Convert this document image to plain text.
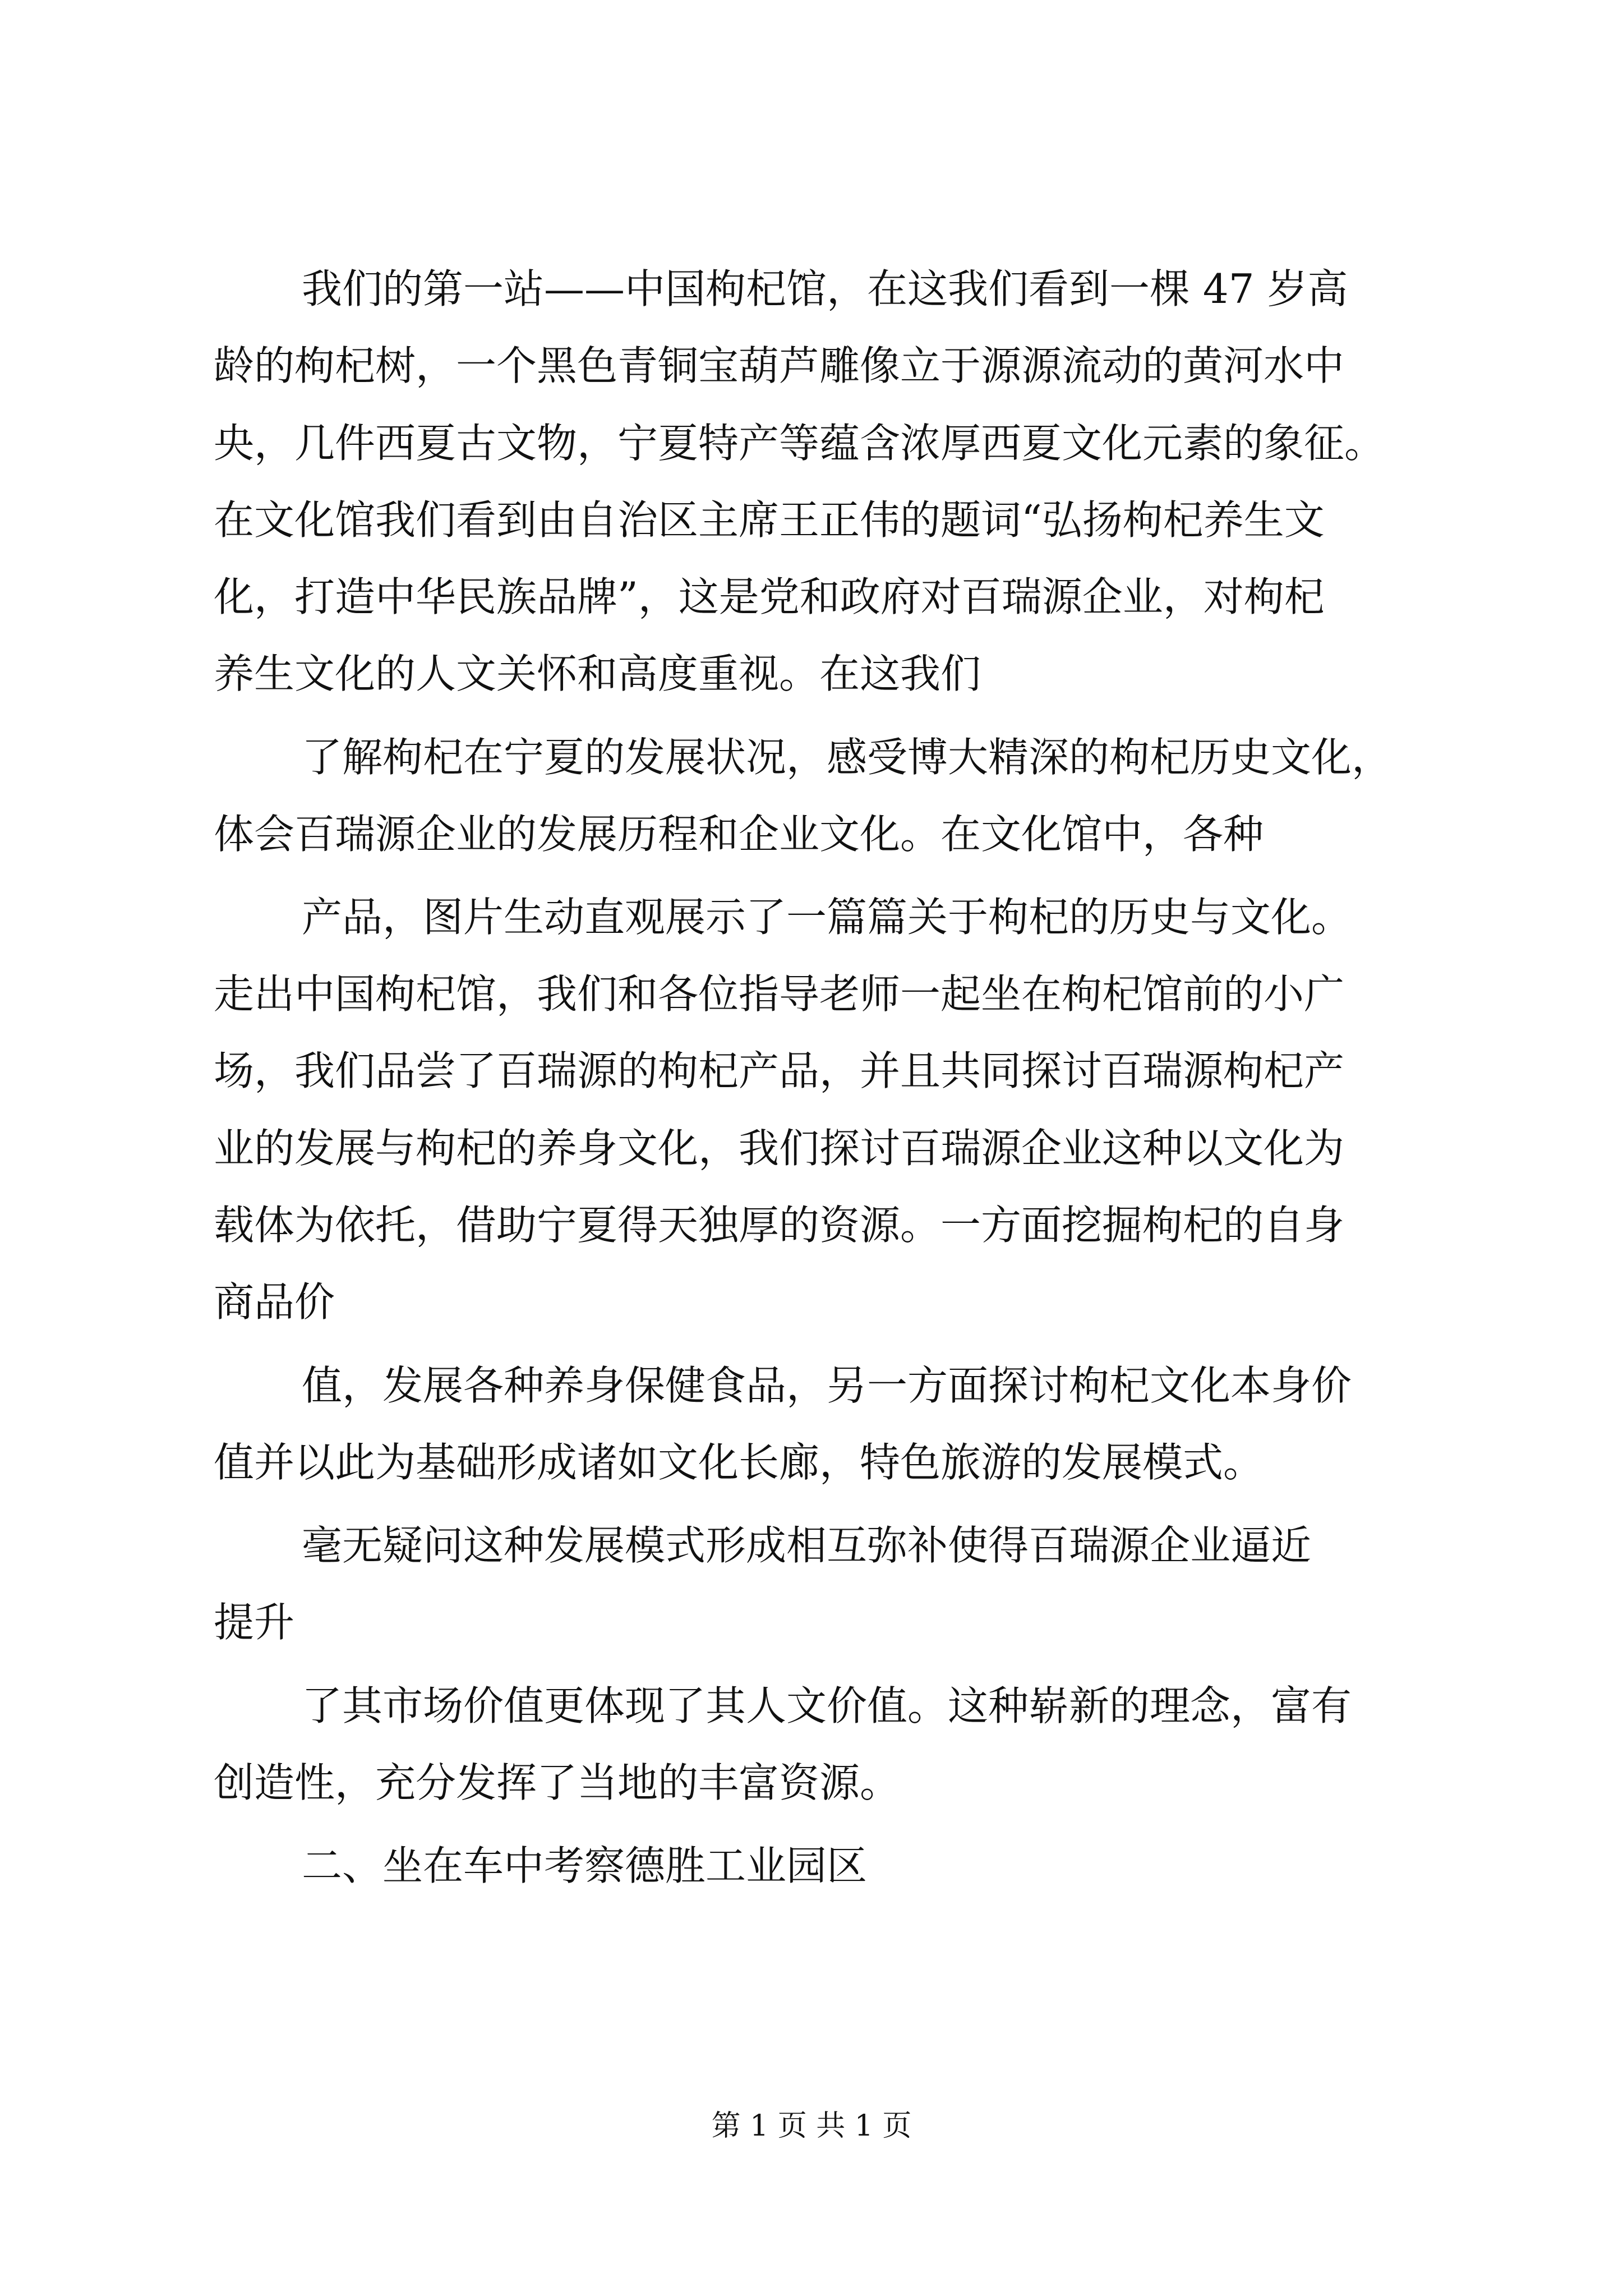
我们的第一站——中国枸杞馆，在这我们看到一棵 47 岁高
龄的枸杞树，一个黑色青铜宝葫芦雕像立于源源流动的黄河水中
央，几件西夏古文物，宁夏特产等蕴含浓厚西夏文化元素的象征。
在文化馆我们看到由自治区主席王正伟的题词“弘扬枸杞养生文
化，打造中华民族品牌”，这是党和政府对百瑞源企业，对枸杞
养生文化的人文关怀和高度重视。在这我们
了解枸杞在宁夏的发展状况，感受博大精深的枸杞历史文化，
体会百瑞源企业的发展历程和企业文化。在文化馆中，各种
产品，图片生动直观展示了一篇篇关于枸杞的历史与文化。
走出中国枸杞馆，我们和各位指导老师一起坐在枸杞馆前的小广
场，我们品尝了百瑞源的枸杞产品，并且共同探讨百瑞源枸杞产
业的发展与枸杞的养身文化，我们探讨百瑞源企业这种以文化为
载体为依托，借助宁夏得天独厚的资源。一方面挖掘枸杞的自身
商品价
值，发展各种养身保健食品，另一方面探讨枸杞文化本身价
值并以此为基础形成诸如文化长廊，特色旅游的发展模式。
毫无疑问这种发展模式形成相互弥补使得百瑞源企业逼近
提升
了其市场价值更体现了其人文价值。这种崭新的理念，富有
创造性，充分发挥了当地的丰富资源。
二、坐在车中考察德胜工业园区
第 1 页 共 1 页
